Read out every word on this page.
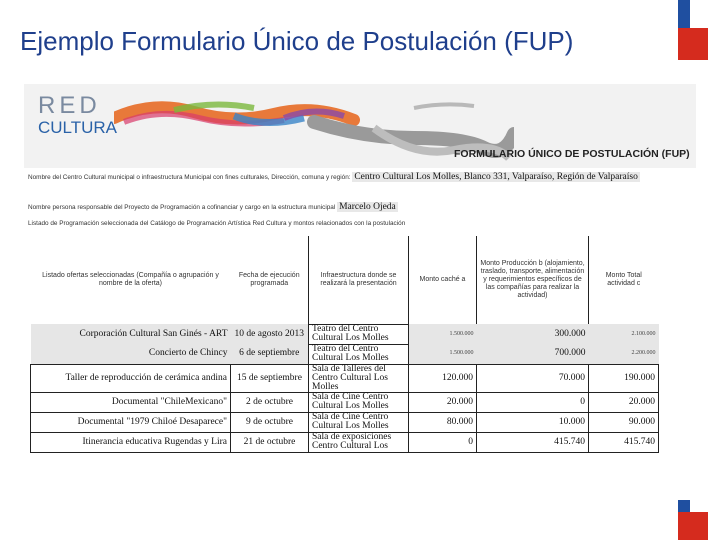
Ejemplo Formulario Único de Postulación (FUP)
RED
CULTURA
FORMULARIO ÚNICO DE POSTULACIÓN (FUP)
Nombre del Centro Cultural municipal o infraestructura Municipal con fines culturales, Dirección, comuna y región: Centro Cultural Los Molles, Blanco 331, Valparaíso, Región de Valparaíso
Nombre persona responsable del Proyecto de Programación a cofinanciar y cargo en la estructura municipal Marcelo Ojeda
Listado de Programación seleccionada del Catálogo de Programación Artística Red Cultura y montos relacionados con la postulación
Listado ofertas seleccionadas (Compañía o agrupación y nombre de la oferta)	Fecha de ejecución programada	Infraestructura donde se realizará la presentación	Monto caché a	Monto Producción b (alojamiento, traslado, transporte, alimentación y requerimientos específicos de las compañías para realizar la actividad)	Monto Total actividad c
Corporación Cultural San Ginés - ART	10 de agosto 2013	Teatro del Centro Cultural Los Molles	1.500.000	300.000	2.100.000
Concierto de Chincy	6 de septiembre	Teatro del Centro Cultural Los Molles	1.500.000	700.000	2.200.000
Taller de reproducción de cerámica andina	15 de septiembre	Sala de Talleres del Centro Cultural Los Molles	120.000	70.000	190.000
Documental "ChileMexicano"	2 de octubre	Sala de Cine Centro Cultural Los Molles	20.000	0	20.000
Documental "1979 Chiloé Desaparece"	9 de octubre	Sala de Cine Centro Cultural Los Molles	80.000	10.000	90.000
Itinerancia educativa Rugendas y Lira	21 de octubre	Sala de exposiciones Centro Cultural Los	0	415.740	415.740
